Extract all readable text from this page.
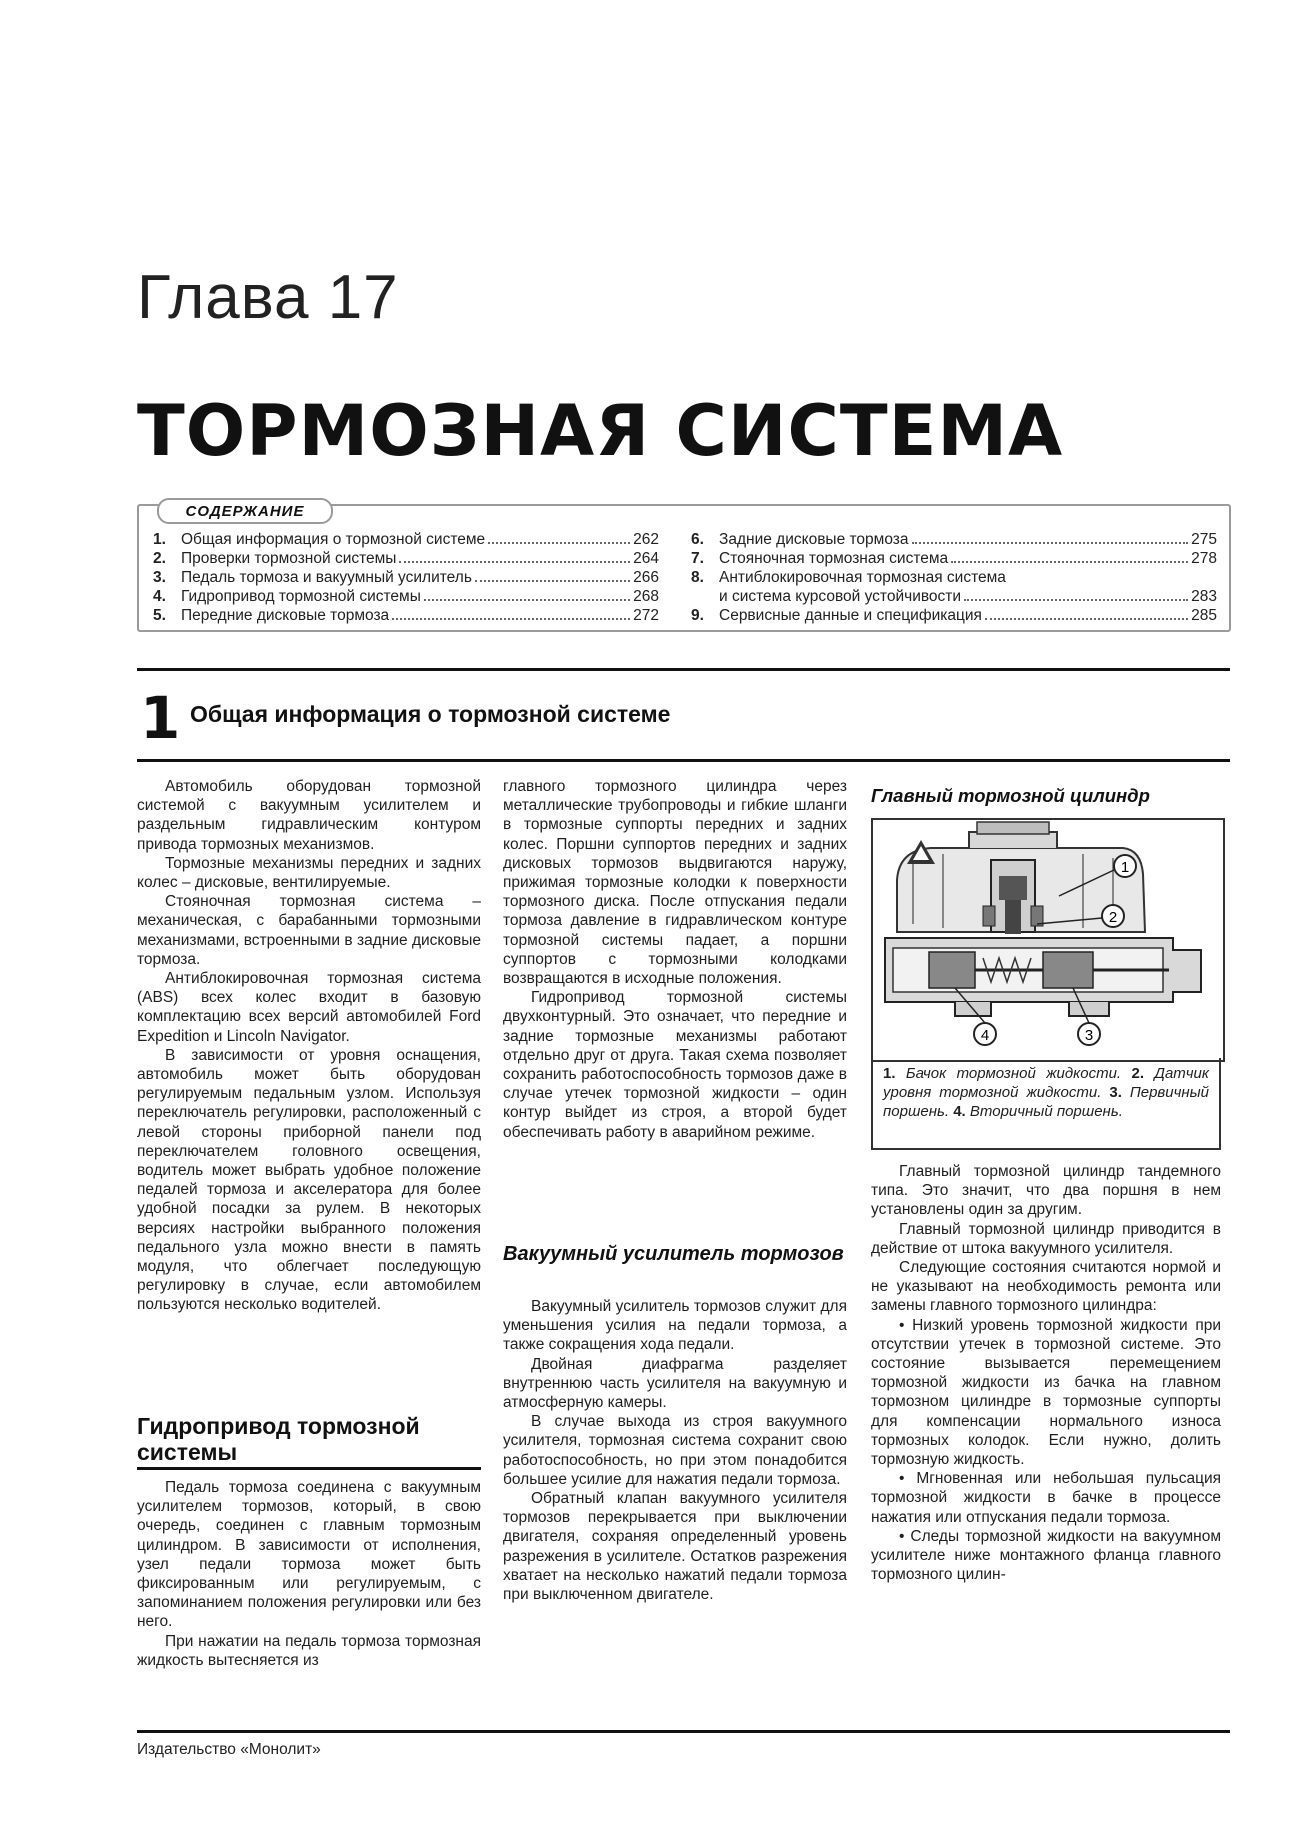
Глава 17
ТОРМОЗНАЯ СИСТЕМА
СОДЕРЖАНИЕ
1. Общая информация о тормозной системе	262
2. Проверки тормозной системы	264
3. Педаль тормоза и вакуумный усилитель	266
4. Гидропривод тормозной системы	268
5. Передние дисковые тормоза	272
6. Задние дисковые тормоза	275
7. Стояночная тормозная система	278
8. Антиблокировочная тормозная система
и система курсовой устойчивости	283
9. Сервисные данные и спецификация	285
1 Общая информация о тормозной системе

Автомобиль оборудован тормозной системой с вакуумным усилителем и раздельным гидравлическим контуром привода тормозных механизмов.

Тормозные механизмы передних и задних колес – дисковые, вентилируемые.

Стояночная тормозная система – механическая, с барабанными тормозными механизмами, встроенными в задние дисковые тормоза.

Антиблокировочная тормозная система (ABS) всех колес входит в базовую комплектацию всех версий автомобилей Ford Expedition и Lincoln Navigator.

В зависимости от уровня оснащения, автомобиль может быть оборудован регулируемым педальным узлом. Используя переключатель регулировки, расположенный с левой стороны приборной панели под переключателем головного освещения, водитель может выбрать удобное положение педалей тормоза и акселератора для более удобной посадки за рулем. В некоторых версиях настройки выбранного положения педального узла можно внести в память модуля, что облегчает последующую регулировку в случае, если автомобилем пользуются несколько водителей.

Гидропривод тормозной системы

Педаль тормоза соединена с вакуумным усилителем тормозов, который, в свою очередь, соединен с главным тормозным цилиндром. В зависимости от исполнения, узел педали тормоза может быть фиксированным или регулируемым, с запоминанием положения регулировки или без него.

При нажатии на педаль тормоза тормозная жидкость вытесняется из

главного тормозного цилиндра через металлические трубопроводы и гибкие шланги в тормозные суппорты передних и задних колес. Поршни суппортов передних и задних дисковых тормозов выдвигаются наружу, прижимая тормозные колодки к поверхности тормозного диска. После отпускания педали тормоза давление в гидравлическом контуре тормозной системы падает, а поршни суппортов с тормозными колодками возвращаются в исходные положения.

Гидропривод тормозной системы двухконтурный. Это означает, что передние и задние тормозные механизмы работают отдельно друг от друга. Такая схема позволяет сохранить работоспособность тормозов даже в случае утечек тормозной жидкости – один контур выйдет из строя, а второй будет обеспечивать работу в аварийном режиме.

Вакуумный усилитель тормозов

Вакуумный усилитель тормозов служит для уменьшения усилия на педали тормоза, а также сокращения хода педали.

Двойная диафрагма разделяет внутреннюю часть усилителя на вакуумную и атмосферную камеры.

В случае выхода из строя вакуумного усилителя, тормозная система сохранит свою работоспособность, но при этом понадобится большее усилие для нажатия педали тормоза.

Обратный клапан вакуумного усилителя тормозов перекрывается при выключении двигателя, сохраняя определенный уровень разрежения в усилителе. Остатков разрежения хватает на несколько нажатий педали тормоза при выключенном двигателе.

Главный тормозной цилиндр
1
2
3
4
1. Бачок тормозной жидкости. 2. Датчик уровня тормозной жидкости. 3. Первичный поршень. 4. Вторичный поршень.

Главный тормозной цилиндр тандемного типа. Это значит, что два поршня в нем установлены один за другим.

Главный тормозной цилиндр приводится в действие от штока вакуумного усилителя.

Следующие состояния считаются нормой и не указывают на необходимость ремонта или замены главного тормозного цилиндра:

• Низкий уровень тормозной жидкости при отсутствии утечек в тормозной системе. Это состояние вызывается перемещением тормозной жидкости из бачка на главном тормозном цилиндре в тормозные суппорты для компенсации нормального износа тормозных колодок. Если нужно, долить тормозную жидкость.

• Мгновенная или небольшая пульсация тормозной жидкости в бачке в процессе нажатия или отпускания педали тормоза.

• Следы тормозной жидкости на вакуумном усилителе ниже монтажного фланца главного тормозного цилин-

Издательство «Монолит»
